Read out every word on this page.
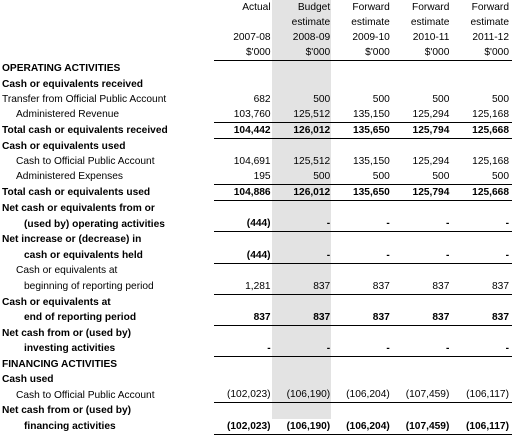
	Actual	Budget	Forward	Forward	Forward
		estimate	estimate	estimate	estimate
	2007-08	2008-09	2009-10	2010-11	2011-12
	$'000	$'000	$'000	$'000	$'000
OPERATING ACTIVITIES					
Cash or equivalents received					
Transfer from Official Public Account	682	500	500	500	500
Administered Revenue	103,760	125,512	135,150	125,294	125,168
Total cash or equivalents received	104,442	126,012	135,650	125,794	125,668
Cash or equivalents used					
Cash to Official Public Account	104,691	125,512	135,150	125,294	125,168
Administered Expenses	195	500	500	500	500
Total cash or equivalents used	104,886	126,012	135,650	125,794	125,668
Net cash or equivalents from or					
(used by) operating activities	(444)	-	-	-	-
Net increase or (decrease) in					
cash or equivalents held	(444)	-	-	-	-
Cash or equivalents at					
beginning of reporting period	1,281	837	837	837	837
Cash or equivalents at					
end of reporting period	837	837	837	837	837
Net cash from or (used by)					
investing activities	-	-	-	-	-
FINANCING ACTIVITIES					
Cash used					
Cash to Official Public Account	(102,023)	(106,190)	(106,204)	(107,459)	(106,117)
Net cash from or (used by)					
financing activities	(102,023)	(106,190)	(106,204)	(107,459)	(106,117)
